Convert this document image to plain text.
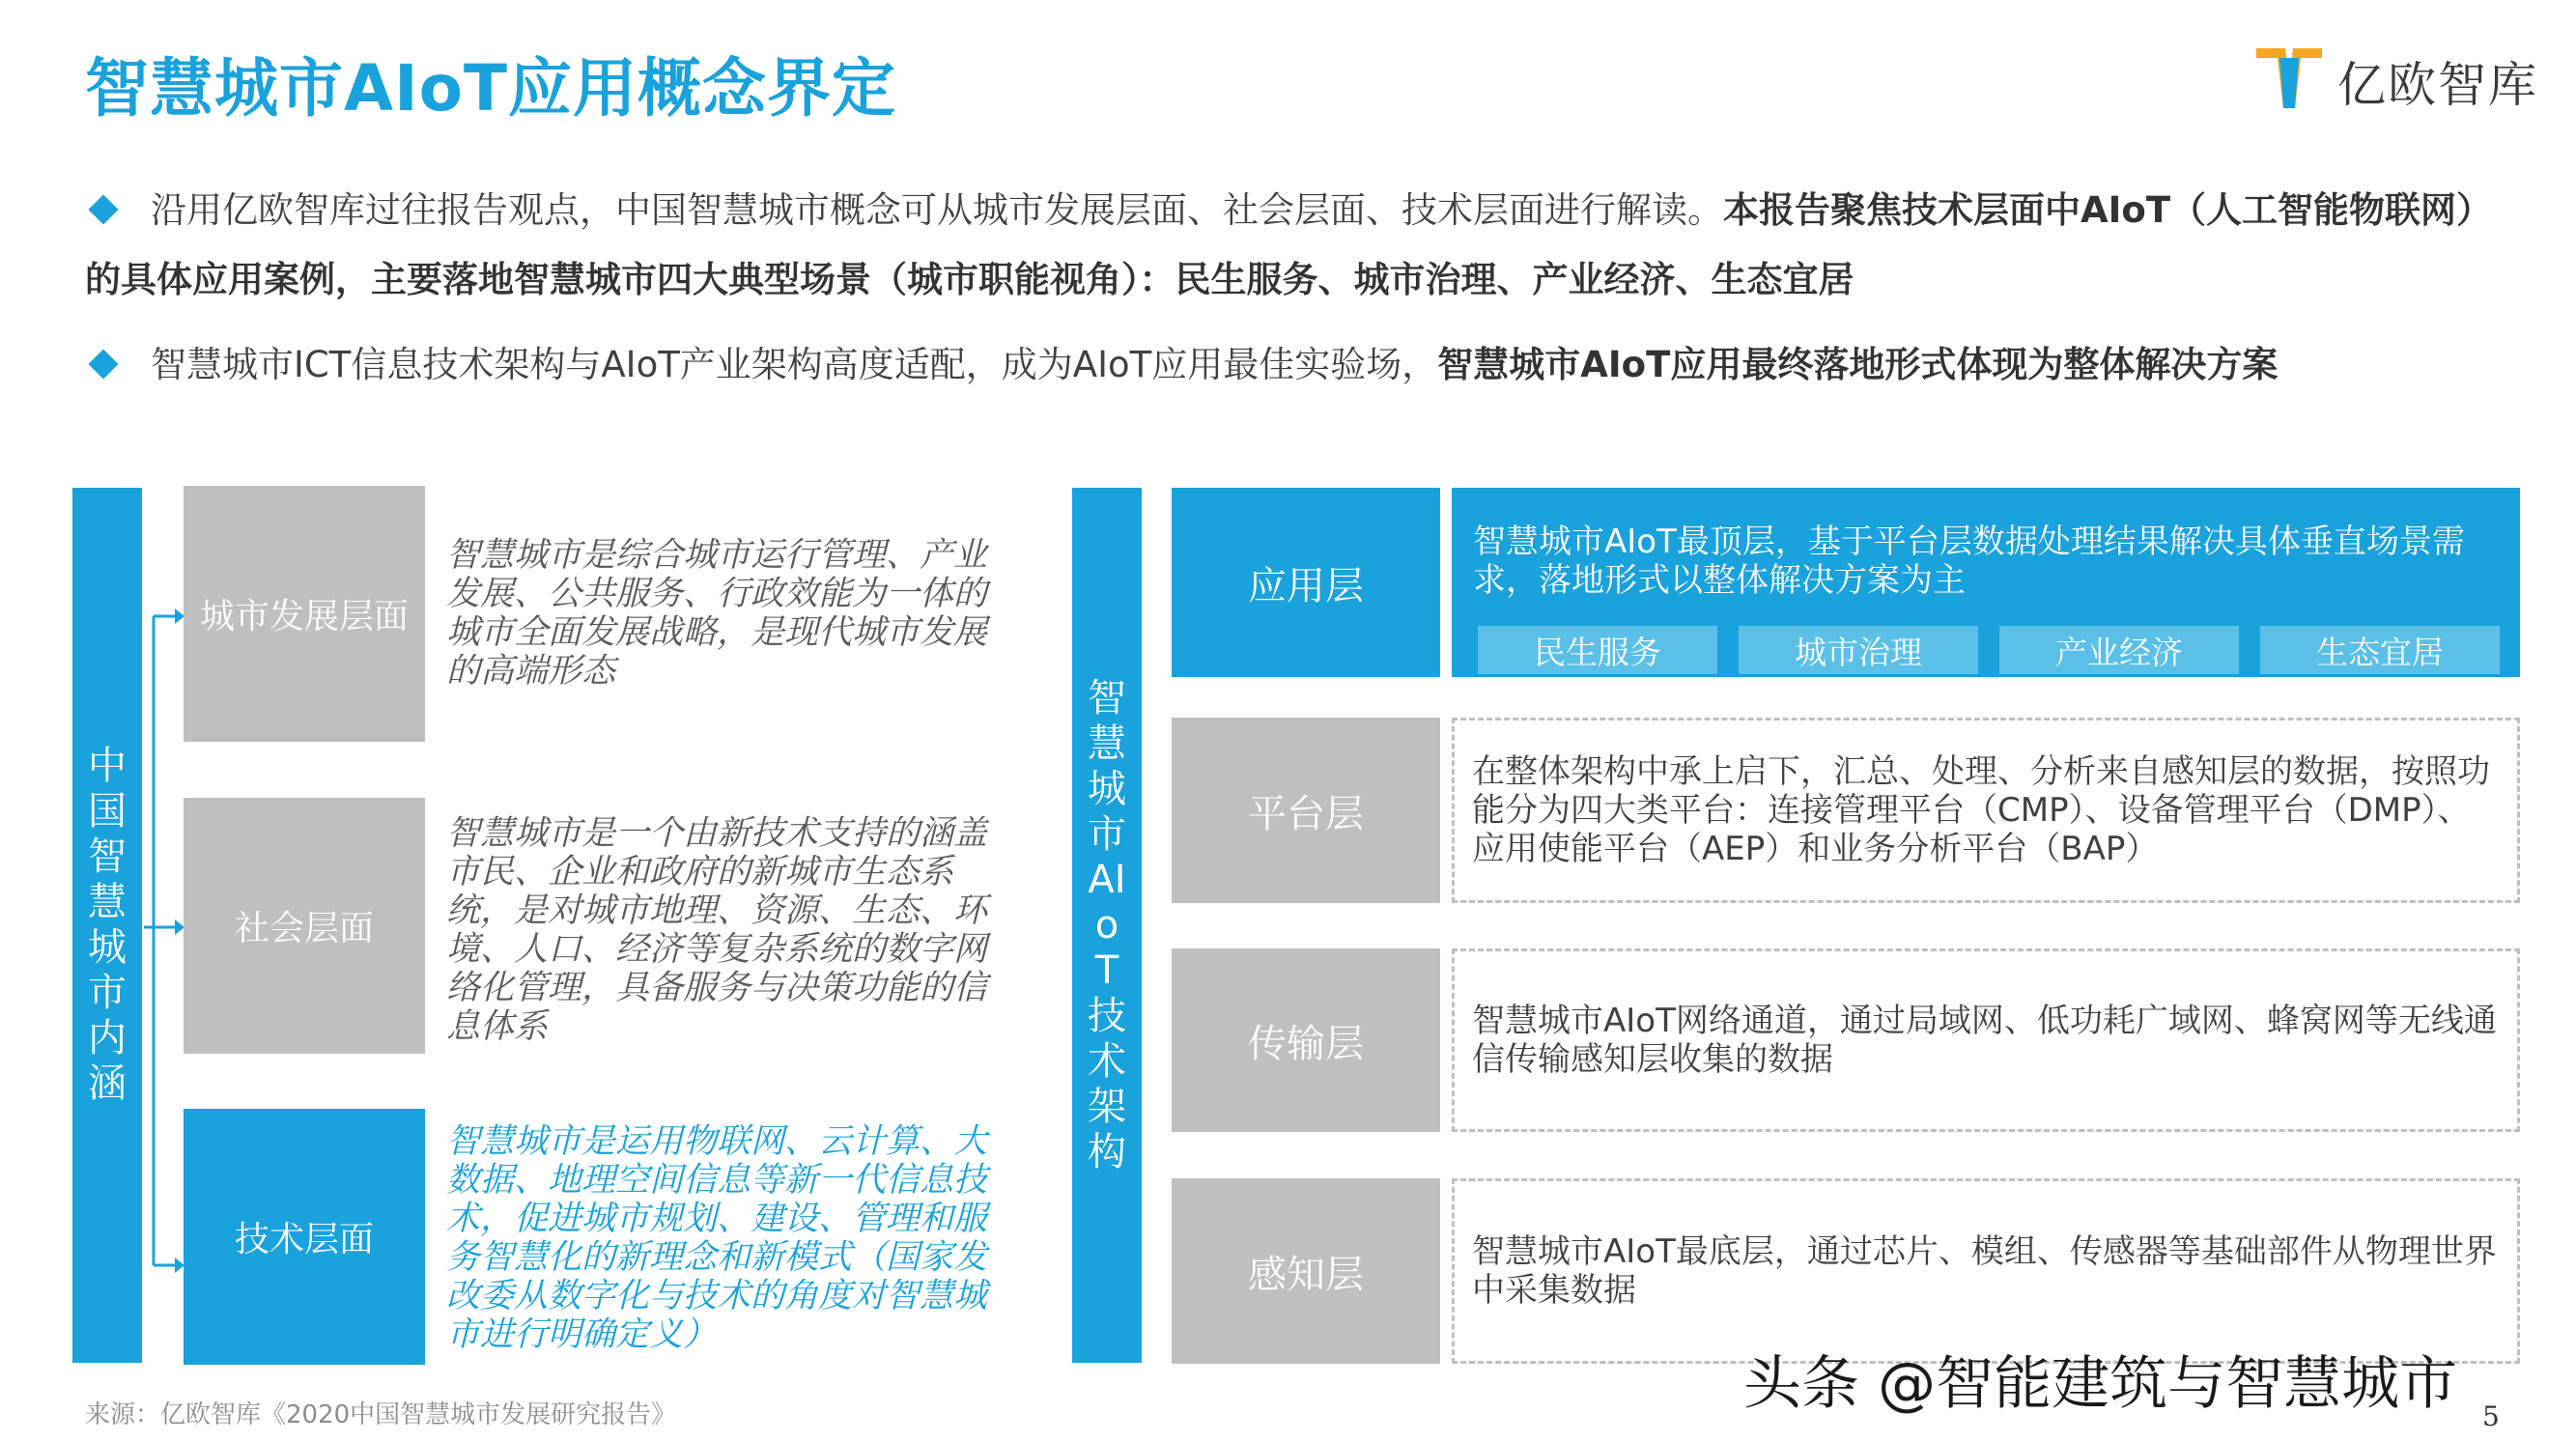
智慧城市AIoT应用概念界定	亿欧智库
沿用亿欧智库过往报告观点，中国智慧城市概念可从城市发展层面、社会层面、技术层面进行解读。本报告聚焦技术层面中AIoT（人工智能物联网）的具体应用案例，主要落地智慧城市四大典型场景（城市职能视角）：民生服务、城市治理、产业经济、生态宜居
智慧城市ICT信息技术架构与AIoT产业架构高度适配，成为AIoT应用最佳实验场，智慧城市AIoT应用最终落地形式体现为整体解决方案
中国智慧城市内涵
城市发展层面
智慧城市是综合城市运行管理、产业发展、公共服务、行政效能为一体的城市全面发展战略，是现代城市发展的高端形态
社会层面
智慧城市是一个由新技术支持的涵盖市民、企业和政府的新城市生态系统，是对城市地理、资源、生态、环境、人口、经济等复杂系统的数字网络化管理，具备服务与决策功能的信息体系
技术层面
智慧城市是运用物联网、云计算、大数据、地理空间信息等新一代信息技术，促进城市规划、建设、管理和服务智慧化的新理念和新模式（国家发改委从数字化与技术的角度对智慧城市进行明确定义）
智慧城市AIoT技术架构
应用层
智慧城市AIoT最顶层，基于平台层数据处理结果解决具体垂直场景需求，落地形式以整体解决方案为主
民生服务	城市治理	产业经济	生态宜居
平台层
在整体架构中承上启下，汇总、处理、分析来自感知层的数据，按照功能分为四大类平台：连接管理平台（CMP）、设备管理平台（DMP）、应用使能平台（AEP）和业务分析平台（BAP）
传输层
智慧城市AIoT网络通道，通过局域网、低功耗广域网、蜂窝网等无线通信传输感知层收集的数据
感知层
智慧城市AIoT最底层，通过芯片、模组、传感器等基础部件从物理世界中采集数据
来源：亿欧智库《2020中国智慧城市发展研究报告》	头条 @智能建筑与智慧城市 5
